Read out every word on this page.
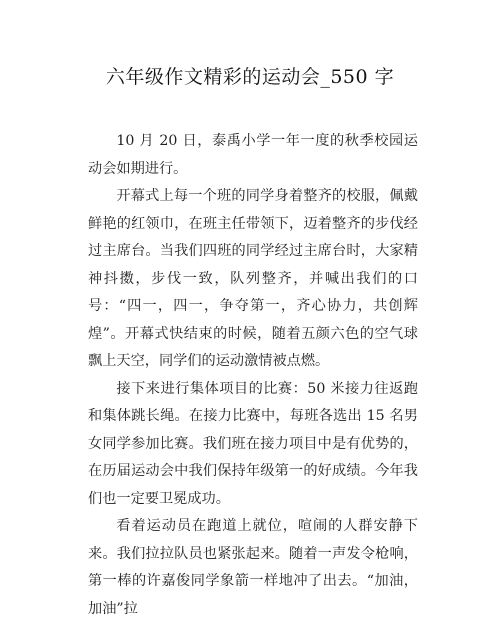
六年级作文精彩的运动会_550 字

10 月 20 日，泰禹小学一年一度的秋季校园运动会如期进行。

开幕式上每一个班的同学身着整齐的校服，佩戴鲜艳的红领巾，在班主任带领下，迈着整齐的步伐经过主席台。当我们四班的同学经过主席台时，大家精神抖擞，步伐一致，队列整齐，并喊出我们的口号：“四一，四一，争夺第一，齐心协力，共创辉煌”。开幕式快结束的时候，随着五颜六色的空气球飘上天空，同学们的运动激情被点燃。

接下来进行集体项目的比赛：50 米接力往返跑和集体跳长绳。在接力比赛中，每班各选出 15 名男女同学参加比赛。我们班在接力项目中是有优势的，在历届运动会中我们保持年级第一的好成绩。今年我们也一定要卫冕成功。

看着运动员在跑道上就位，喧闹的人群安静下来。我们拉拉队员也紧张起来。随着一声发令枪响，第一棒的许嘉俊同学象箭一样地冲了出去。“加油，加油”拉
